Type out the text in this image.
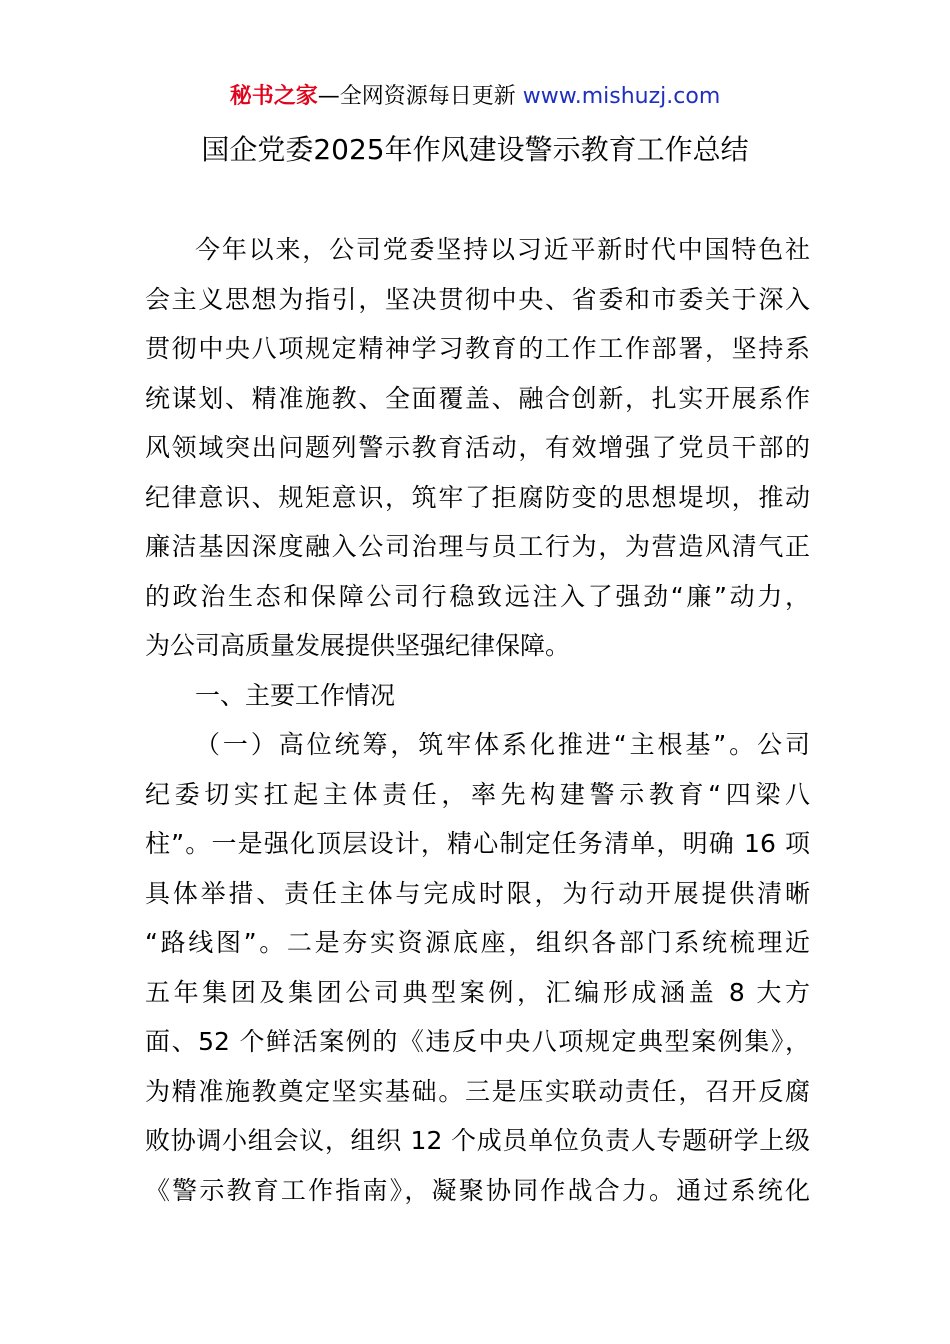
秘书之家—全网资源每日更新 www.mishuzj.com
国企党委2025年作风建设警示教育工作总结
今年以来，公司党委坚持以习近平新时代中国特色社
会主义思想为指引，坚决贯彻中央、省委和市委关于深入
贯彻中央八项规定精神学习教育的工作工作部署，坚持系
统谋划、精准施教、全面覆盖、融合创新，扎实开展系作
风领域突出问题列警示教育活动，有效增强了党员干部的
纪律意识、规矩意识，筑牢了拒腐防变的思想堤坝，推动
廉洁基因深度融入公司治理与员工行为，为营造风清气正
的政治生态和保障公司行稳致远注入了强劲“廉”动力，
为公司高质量发展提供坚强纪律保障。
一、主要工作情况
（一）高位统筹，筑牢体系化推进“主根基”。公司
纪委切实扛起主体责任，率先构建警示教育“四梁八
柱”。一是强化顶层设计，精心制定任务清单，明确 16 项
具体举措、责任主体与完成时限，为行动开展提供清晰
“路线图”。二是夯实资源底座，组织各部门系统梳理近
五年集团及集团公司典型案例，汇编形成涵盖 8 大方
面、52 个鲜活案例的《违反中央八项规定典型案例集》，
为精准施教奠定坚实基础。三是压实联动责任，召开反腐
败协调小组会议，组织 12 个成员单位负责人专题研学上级
《警示教育工作指南》，凝聚协同作战合力。通过系统化
